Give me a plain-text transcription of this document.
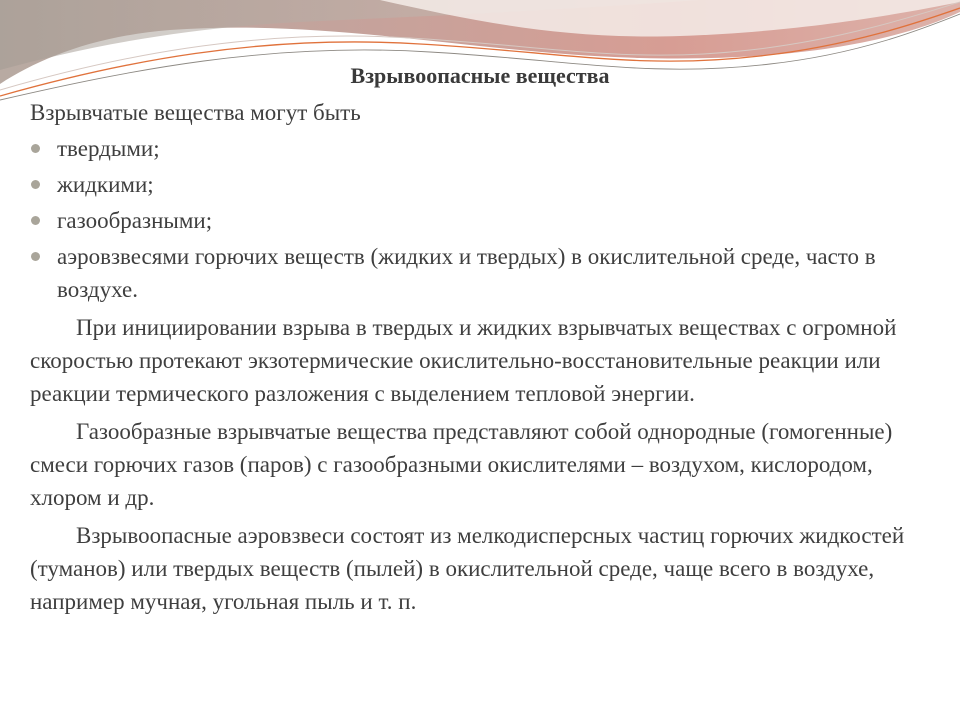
Взрывоопасные вещества

Взрывчатые вещества могут быть

твердыми;
жидкими;
газообразными;
аэровзвесями горючих веществ (жидких и твердых) в окислительной среде, часто в воздухе.

При инициировании взрыва в твердых и жидких взрывчатых веществах с огромной скоростью протекают экзотермические окислительно-восстановительные реакции или реакции термического разложения с выделением тепловой энергии.

Газообразные взрывчатые вещества представляют собой однородные (гомогенные) смеси горючих газов (паров) с газообразными окислителями – воздухом, кислородом, хлором и др.

Взрывоопасные аэровзвеси состоят из мелкодисперсных частиц горючих жидкостей (туманов) или твердых веществ (пылей) в окислительной среде, чаще всего в воздухе, например мучная, угольная пыль и т. п.
